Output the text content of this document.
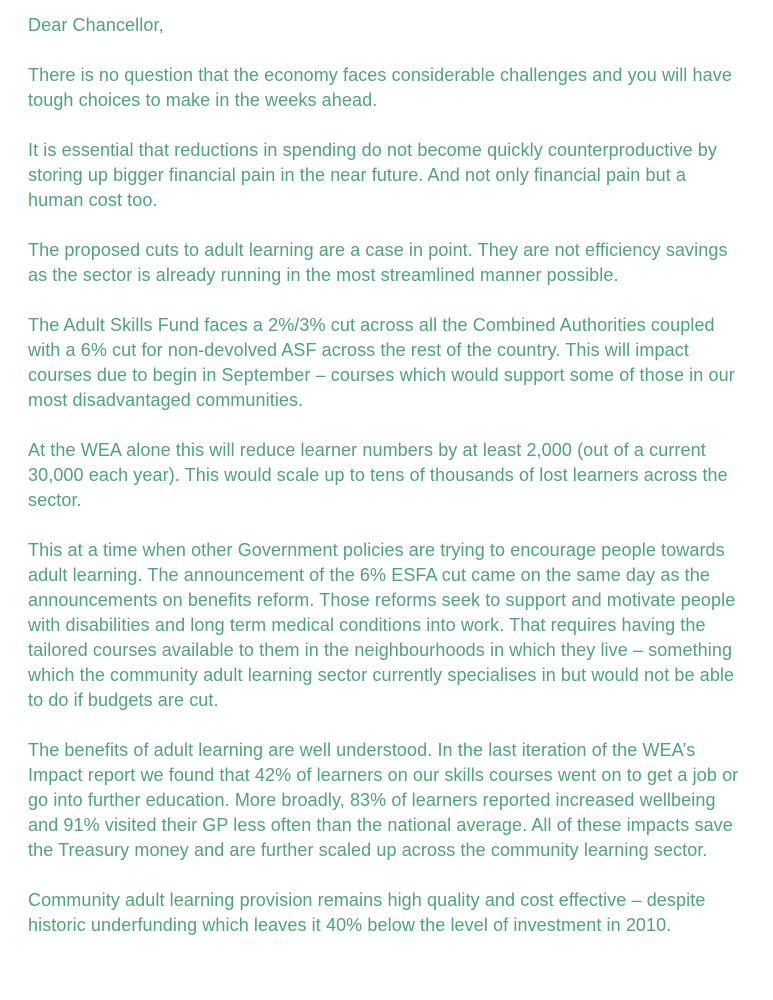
Dear Chancellor,

There is no question that the economy faces considerable challenges and you will have tough choices to make in the weeks ahead.

It is essential that reductions in spending do not become quickly counterproductive by storing up bigger financial pain in the near future. And not only financial pain but a human cost too.

The proposed cuts to adult learning are a case in point. They are not efficiency savings as the sector is already running in the most streamlined manner possible.

The Adult Skills Fund faces a 2%/3% cut across all the Combined Authorities coupled with a 6% cut for non-devolved ASF across the rest of the country. This will impact courses due to begin in September – courses which would support some of those in our most disadvantaged communities.

At the WEA alone this will reduce learner numbers by at least 2,000 (out of a current 30,000 each year). This would scale up to tens of thousands of lost learners across the sector.

This at a time when other Government policies are trying to encourage people towards adult learning. The announcement of the 6% ESFA cut came on the same day as the announcements on benefits reform. Those reforms seek to support and motivate people with disabilities and long term medical conditions into work. That requires having the tailored courses available to them in the neighbourhoods in which they live – something which the community adult learning sector currently specialises in but would not be able to do if budgets are cut.

The benefits of adult learning are well understood. In the last iteration of the WEA’s Impact report we found that 42% of learners on our skills courses went on to get a job or go into further education. More broadly, 83% of learners reported increased wellbeing and 91% visited their GP less often than the national average. All of these impacts save the Treasury money and are further scaled up across the community learning sector.

Community adult learning provision remains high quality and cost effective – despite historic underfunding which leaves it 40% below the level of investment in 2010.
